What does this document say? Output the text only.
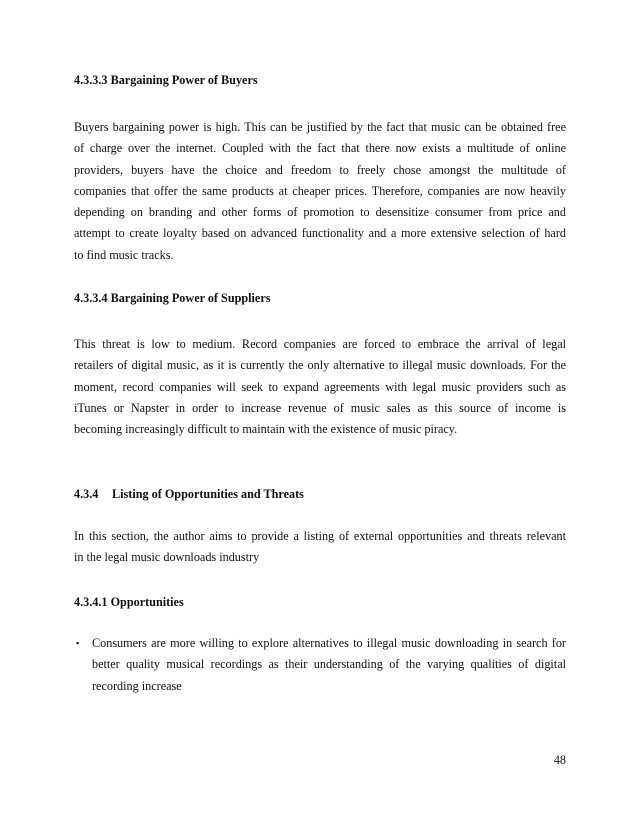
4.3.3.3 Bargaining Power of Buyers
Buyers bargaining power is high. This can be justified by the fact that music can be obtained free
of charge over the internet. Coupled with the fact that there now exists a multitude of online
providers, buyers have the choice and freedom to freely chose amongst the multitude of
companies that offer the same products at cheaper prices. Therefore, companies are now heavily
depending on branding and other forms of promotion to desensitize consumer from price and
attempt to create loyalty based on advanced functionality and a more extensive selection of hard
to find music tracks.
4.3.3.4 Bargaining Power of Suppliers
This threat is low to medium. Record companies are forced to embrace the arrival of legal
retailers of digital music, as it is currently the only alternative to illegal music downloads. For the
moment, record companies will seek to expand agreements with legal music providers such as
iTunes or Napster in order to increase revenue of music sales as this source of income is
becoming increasingly difficult to maintain with the existence of music piracy.
4.3.4 Listing of Opportunities and Threats
In this section, the author aims to provide a listing of external opportunities and threats relevant
in the legal music downloads industry
4.3.4.1 Opportunities
▪ Consumers are more willing to explore alternatives to illegal music downloading in search for
better quality musical recordings as their understanding of the varying qualities of digital
recording increase
48
